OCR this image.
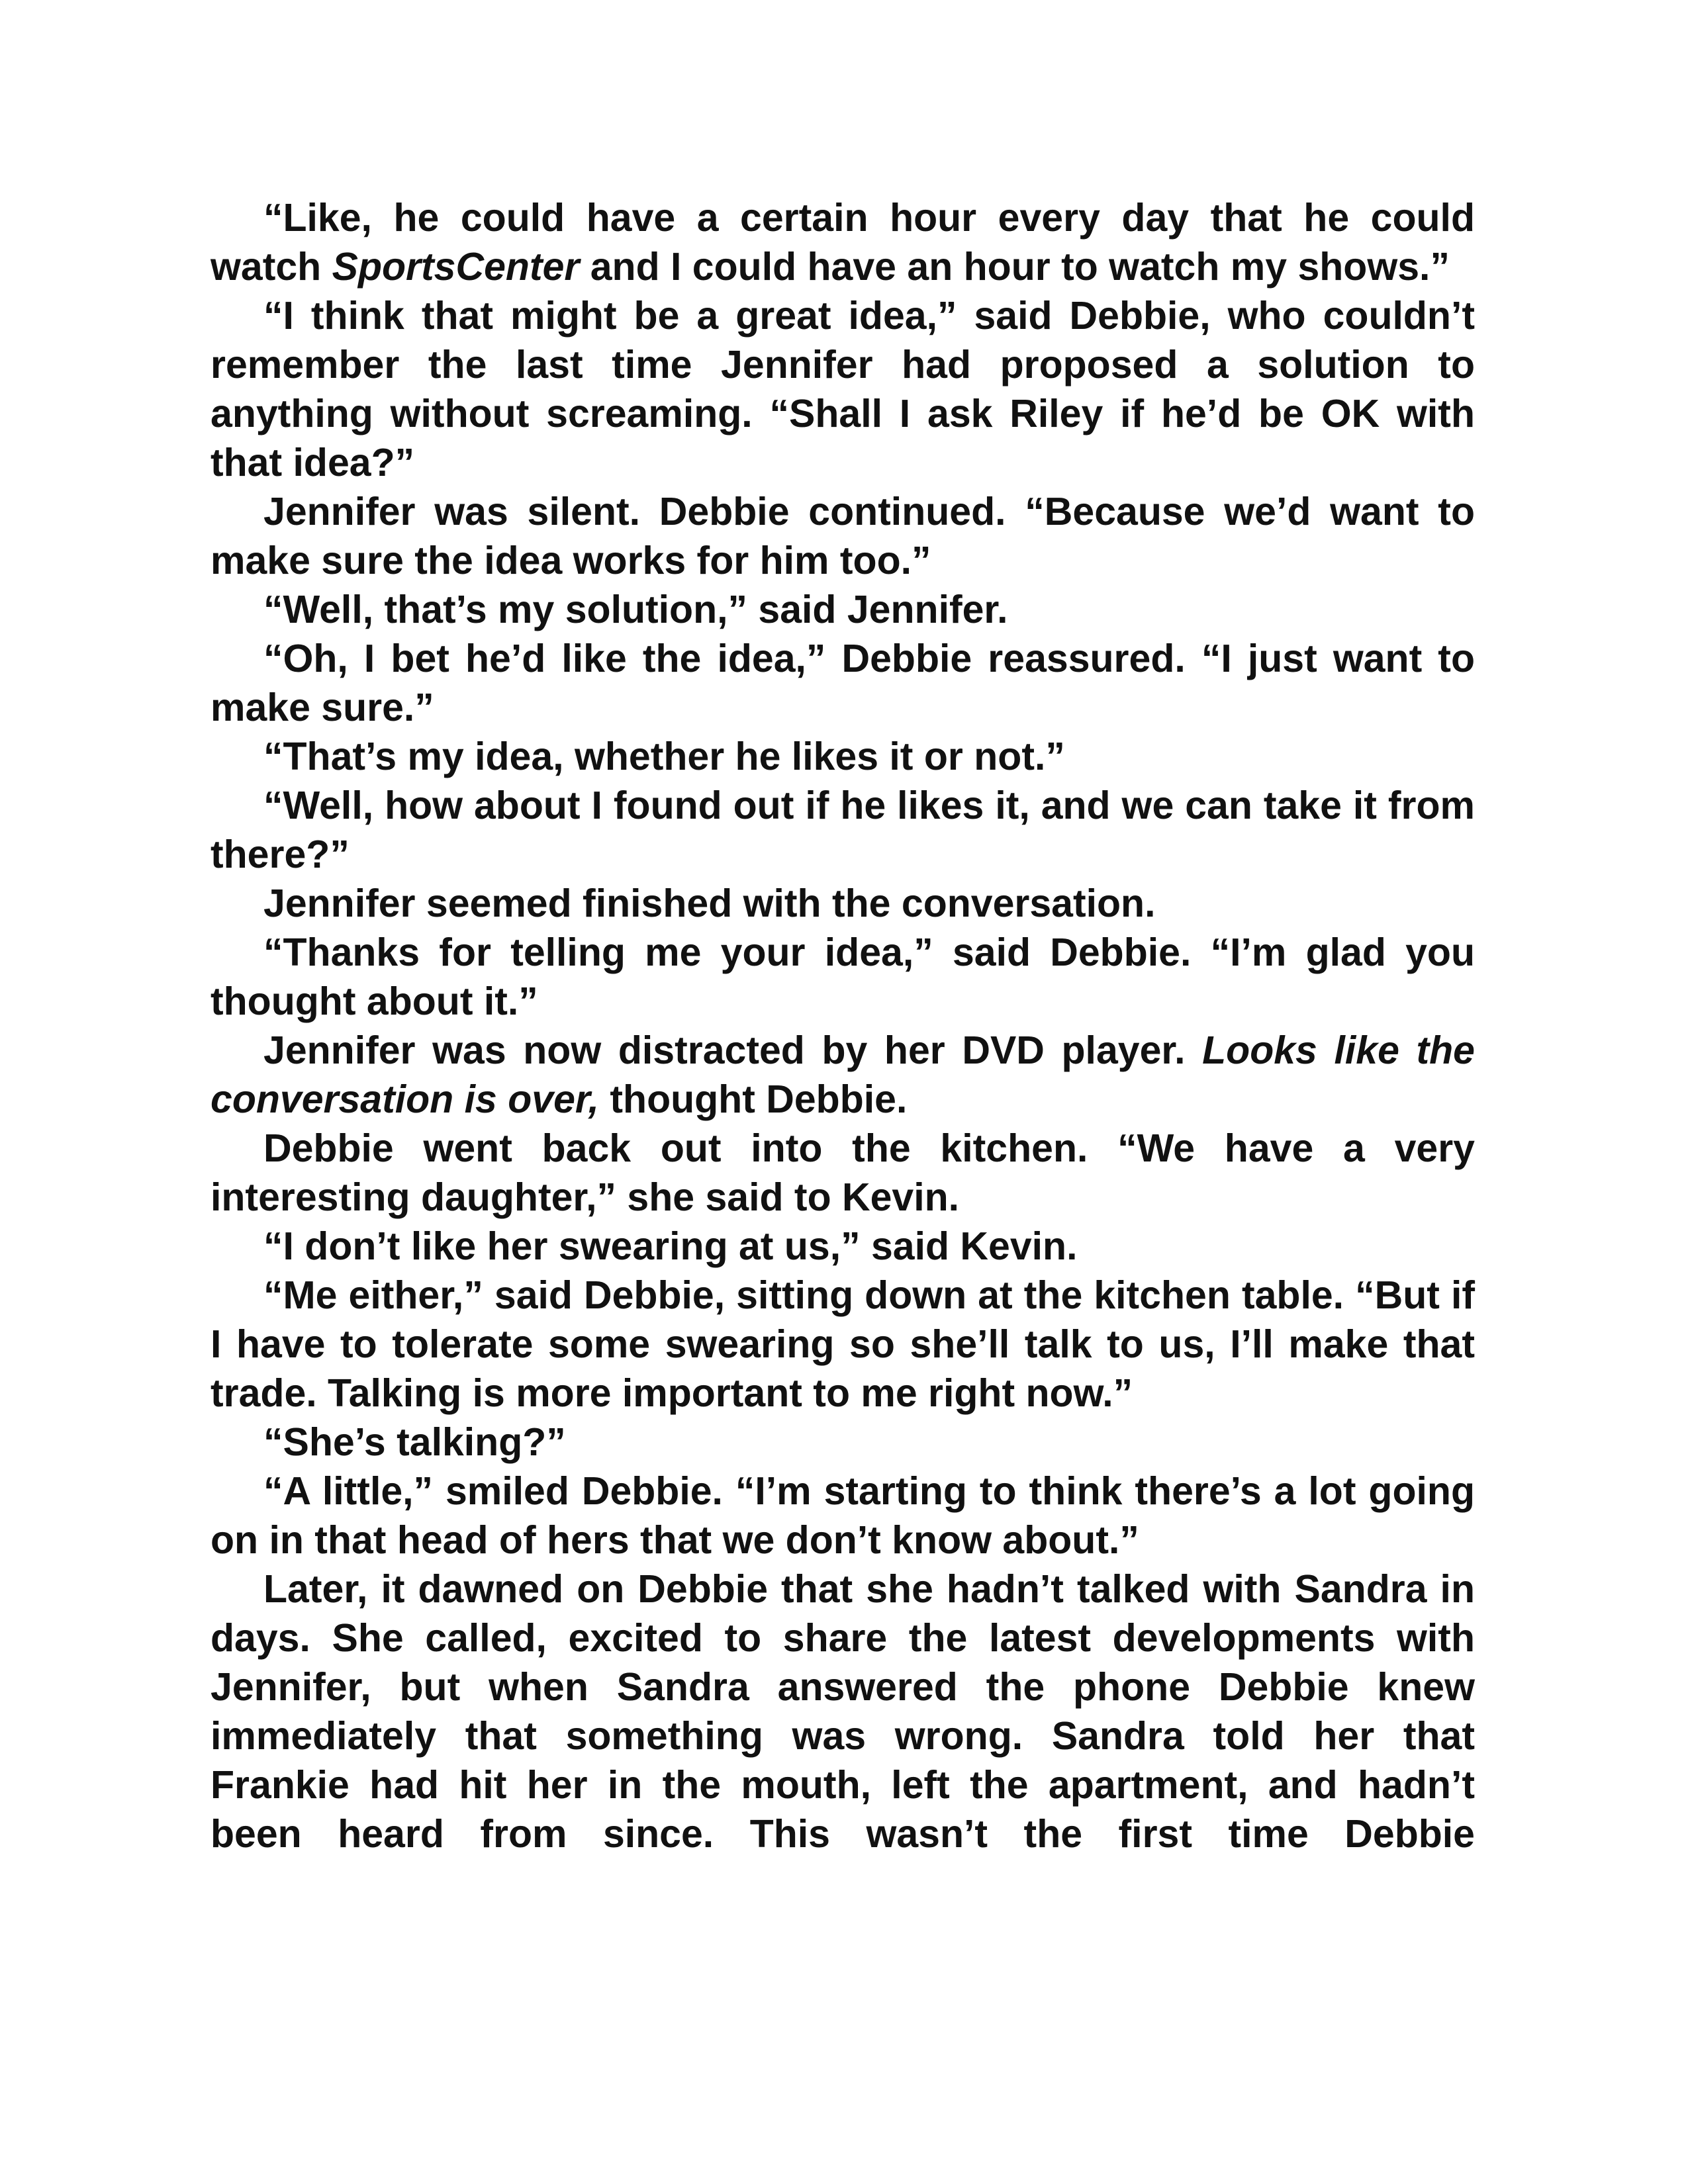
“Like, he could have a certain hour every day that he could watch SportsCenter and I could have an hour to watch my shows.”

“I think that might be a great idea,” said Debbie, who couldn’t remember the last time Jennifer had proposed a solution to anything without screaming. “Shall I ask Riley if he’d be OK with that idea?”

Jennifer was silent. Debbie continued. “Because we’d want to make sure the idea works for him too.”

“Well, that’s my solution,” said Jennifer.

“Oh, I bet he’d like the idea,” Debbie reassured. “I just want to make sure.”

“That’s my idea, whether he likes it or not.”

“Well, how about I found out if he likes it, and we can take it from there?”

Jennifer seemed finished with the conversation.

“Thanks for telling me your idea,” said Debbie. “I’m glad you thought about it.”

Jennifer was now distracted by her DVD player. Looks like the conversation is over, thought Debbie.

Debbie went back out into the kitchen. “We have a very interesting daughter,” she said to Kevin.

“I don’t like her swearing at us,” said Kevin.

“Me either,” said Debbie, sitting down at the kitchen table. “But if I have to tolerate some swearing so she’ll talk to us, I’ll make that trade. Talking is more important to me right now.”

“She’s talking?”

“A little,” smiled Debbie. “I’m starting to think there’s a lot going on in that head of hers that we don’t know about.”

Later, it dawned on Debbie that she hadn’t talked with Sandra in days. She called, excited to share the latest developments with Jennifer, but when Sandra answered the phone Debbie knew immediately that something was wrong. Sandra told her that Frankie had hit her in the mouth, left the apartment, and hadn’t been heard from since. This wasn’t the first time Debbie
